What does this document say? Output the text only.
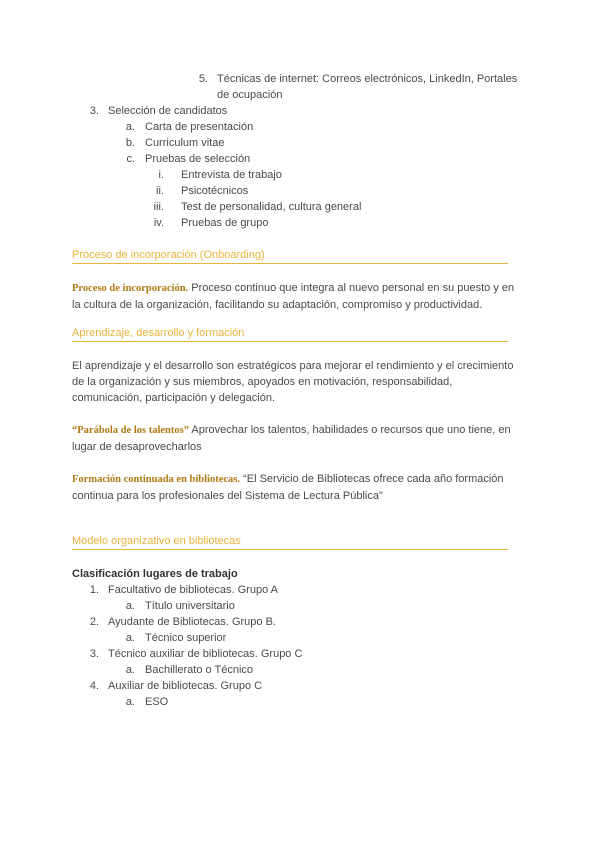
5. Técnicas de internet: Correos electrónicos, LinkedIn, Portales
de ocupación
3. Selección de candidatos
a. Carta de presentación
b. Curriculum vitae
c. Pruebas de selección
i. Entrevista de trabajo
ii. Psicotécnicos
iii. Test de personalidad, cultura general
iv. Pruebas de grupo
Proceso de incorporación (Onboarding)
Proceso de incorporación. Proceso continuo que integra al nuevo personal en su puesto y en
la cultura de la organización, facilitando su adaptación, compromiso y productividad.
Aprendizaje, desarrollo y formación
El aprendizaje y el desarrollo son estratégicos para mejorar el rendimiento y el crecimiento
de la organización y sus miembros, apoyados en motivación, responsabilidad,
comunicación, participación y delegación.
“Parábola de los talentos” Aprovechar los talentos, habilidades o recursos que uno tiene, en
lugar de desaprovecharlos
Formación continuada en bibliotecas. “El Servicio de Bibliotecas ofrece cada año formación
continua para los profesionales del Sistema de Lectura Pública”
Modelo organizativo en bibliotecas
Clasificación lugares de trabajo
1. Facultativo de bibliotecas. Grupo A
a. Título universitario
2. Ayudante de Bibliotecas. Grupo B.
a. Técnico superior
3. Técnico auxiliar de bibliotecas. Grupo C
a. Bachillerato o Técnico
4. Auxiliar de bibliotecas. Grupo C
a. ESO
